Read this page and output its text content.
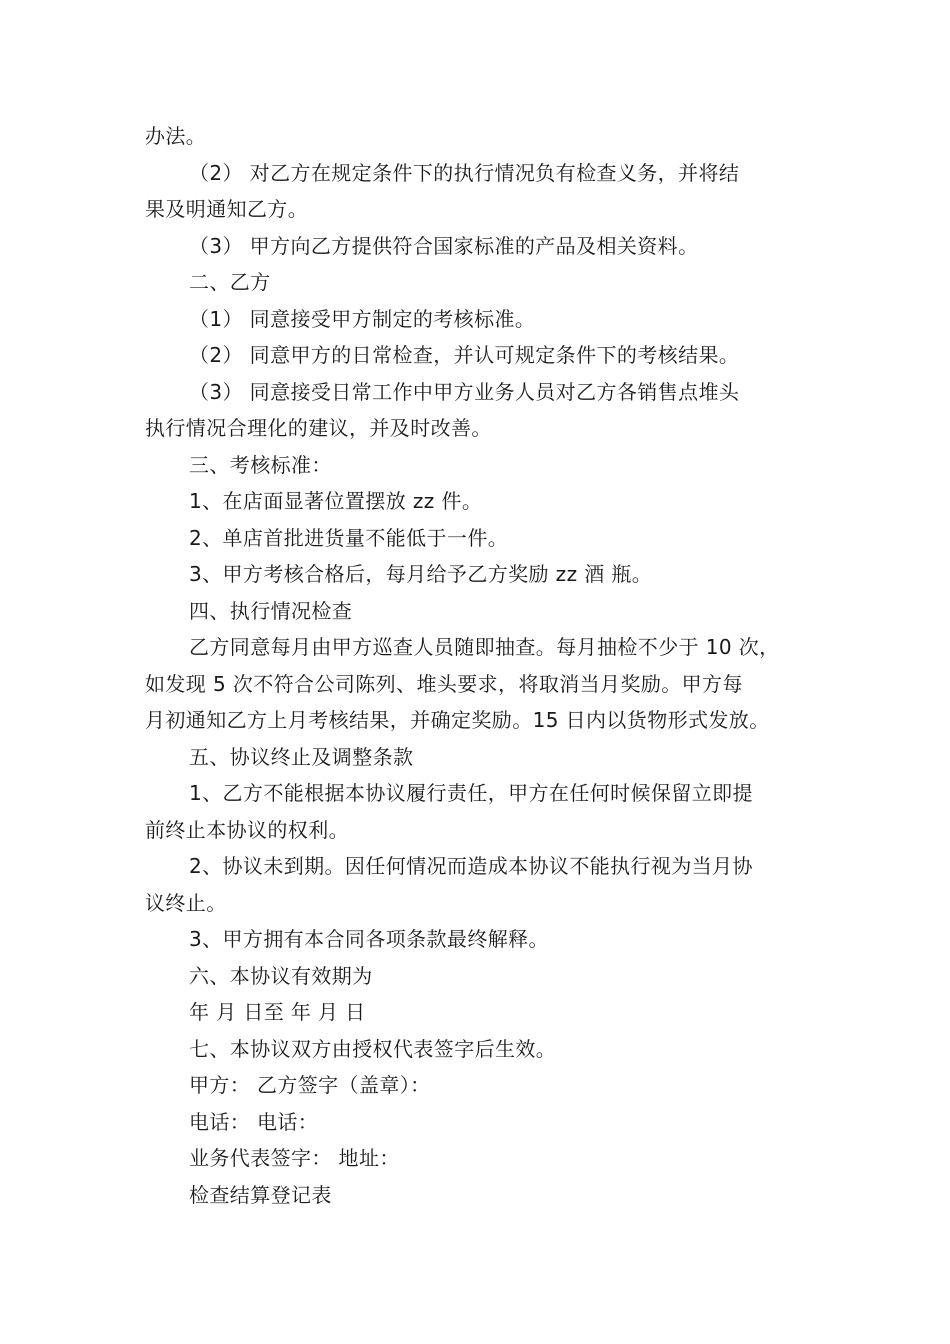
办法。

（2） 对乙方在规定条件下的执行情况负有检查义务，并将结
果及明通知乙方。

（3） 甲方向乙方提供符合国家标准的产品及相关资料。

二、乙方

（1） 同意接受甲方制定的考核标准。

（2） 同意甲方的日常检查，并认可规定条件下的考核结果。

（3） 同意接受日常工作中甲方业务人员对乙方各销售点堆头
执行情况合理化的建议，并及时改善。

三、考核标准：

1、在店面显著位置摆放 zz 件。

2、单店首批进货量不能低于一件。

3、甲方考核合格后，每月给予乙方奖励 zz 酒 瓶。

四、执行情况检查

乙方同意每月由甲方巡查人员随即抽查。每月抽检不少于 10 次，
如发现 5 次不符合公司陈列、堆头要求，将取消当月奖励。甲方每
月初通知乙方上月考核结果，并确定奖励。15 日内以货物形式发放。

五、协议终止及调整条款

1、乙方不能根据本协议履行责任，甲方在任何时候保留立即提
前终止本协议的权利。

2、协议未到期。因任何情况而造成本协议不能执行视为当月协
议终止。

3、甲方拥有本合同各项条款最终解释。

六、本协议有效期为

年 月 日至 年 月 日

七、本协议双方由授权代表签字后生效。

甲方： 乙方签字（盖章）：

电话： 电话：

业务代表签字： 地址：

检查结算登记表
